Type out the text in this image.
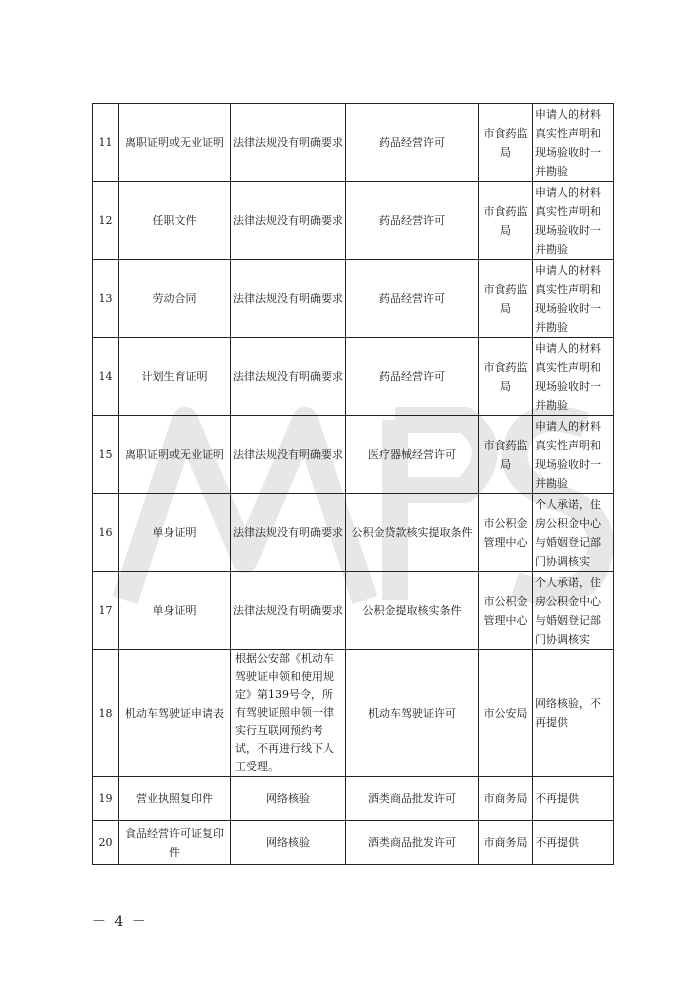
11	离职证明或无业证明	法律法规没有明确要求	药品经营许可	市食药监局	申请人的材料真实性声明和现场验收时一并勘验
12	任职文件	法律法规没有明确要求	药品经营许可	市食药监局	申请人的材料真实性声明和现场验收时一并勘验
13	劳动合同	法律法规没有明确要求	药品经营许可	市食药监局	申请人的材料真实性声明和现场验收时一并勘验
14	计划生育证明	法律法规没有明确要求	药品经营许可	市食药监局	申请人的材料真实性声明和现场验收时一并勘验
15	离职证明或无业证明	法律法规没有明确要求	医疗器械经营许可	市食药监局	申请人的材料真实性声明和现场验收时一并勘验
16	单身证明	法律法规没有明确要求	公积金贷款核实提取条件	市公积金管理中心	个人承诺，住房公积金中心与婚姻登记部门协调核实
17	单身证明	法律法规没有明确要求	公积金提取核实条件	市公积金管理中心	个人承诺，住房公积金中心与婚姻登记部门协调核实
18	机动车驾驶证申请表	根据公安部《机动车驾驶证申领和使用规定》第139号令，所有驾驶证照申领一律实行互联网预约考试，不再进行线下人工受理。	机动车驾驶证许可	市公安局	网络核验，不再提供
19	营业执照复印件	网络核验	酒类商品批发许可	市商务局	不再提供
20	食品经营许可证复印件	网络核验	酒类商品批发许可	市商务局	不再提供
－ 4 －
